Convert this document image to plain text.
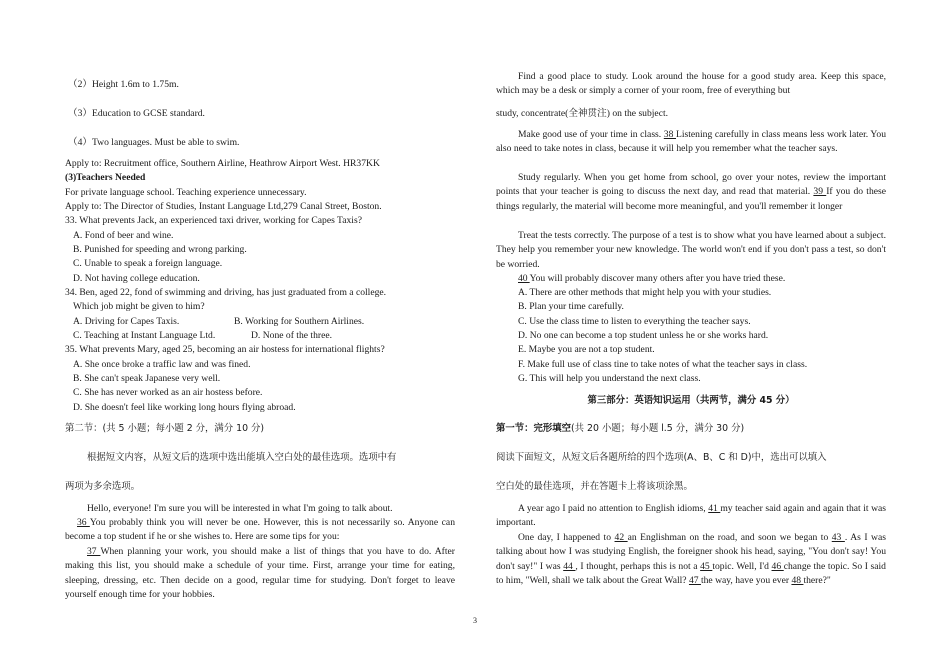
（2）Height 1.6m to 1.75m.
（3）Education to GCSE standard.
（4）Two languages. Must be able to swim.
Apply to: Recruitment office, Southern Airline, Heathrow Airport West. HR37KK
(3)Teachers Needed
For private language school. Teaching experience unnecessary.
Apply to: The Director of Studies, Instant Language Ltd,279 Canal Street, Boston.
33. What prevents Jack, an experienced taxi driver, working for Capes Taxis?
A. Fond of beer and wine.
B. Punished for speeding and wrong parking.
C. Unable to speak a foreign language.
D. Not having college education.
34. Ben, aged 22, fond of swimming and driving, has just graduated from a college.
Which job might be given to him?
A. Driving for Capes Taxis.	B. Working for Southern Airlines.
C. Teaching at Instant Language Ltd.	D. None of the three.
35. What prevents Mary, aged 25, becoming an air hostess for international flights?
A. She once broke a traffic law and was fined.
B. She can't speak Japanese very well.
C. She has never worked as an air hostess before.
D. She doesn't feel like working long hours flying abroad.
第二节：(共 5 小题；每小题 2 分，满分 10 分)
根据短文内容，从短文后的选项中选出能填入空白处的最佳选项。选项中有
两项为多余选项。
Hello, everyone! I'm sure you will be interested in what I'm going to talk about.
36 You probably think you will never be one. However, this is not necessarily so. Anyone can become a top student if he or she wishes to. Here are some tips for you:
37 When planning your work, you should make a list of things that you have to do. After making this list, you should make a schedule of your time. First, arrange your time for eating, sleeping, dressing, etc. Then decide on a good, regular time for studying. Don't forget to leave yourself enough time for your hobbies.
Find a good place to study. Look around the house for a good study area. Keep this space, which may be a desk or simply a corner of your room, free of everything but
study, concentrate(全神贯注) on the subject.
Make good use of your time in class. 38 Listening carefully in class means less work later. You also need to take notes in class, because it will help you remember what the teacher says.
Study regularly. When you get home from school, go over your notes, review the important points that your teacher is going to discuss the next day, and read that material. 39 If you do these things regularly, the material will become more meaningful, and you'll remember it longer
Treat the tests correctly. The purpose of a test is to show what you have learned about a subject. They help you remember your new knowledge. The world won't end if you don't pass a test, so don't be worried.
40 You will probably discover many others after you have tried these.
A. There are other methods that might help you with your studies.
B. Plan your time carefully.
C. Use the class time to listen to everything the teacher says.
D. No one can become a top student unless he or she works hard.
E. Maybe you are not a top student.
F. Make full use of class tine to take notes of what the teacher says in class.
G. This will help you understand the next class.
第三部分：英语知识运用（共两节，满分 45 分）
第一节：完形填空(共 20 小题；每小题 l.5 分，满分 30 分)
阅读下面短文，从短文后各题所给的四个选项(A、B、C 和 D)中，选出可以填入
空白处的最佳选项，并在答题卡上将该项涂黑。
A year ago I paid no attention to English idioms, 41 my teacher said again and again that it was important.
One day, I happened to 42 an Englishman on the road, and soon we began to 43 . As I was talking about how I was studying English, the foreigner shook his head, saying, "You don't say! You don't say!" I was 44 , I thought, perhaps this is not a 45 topic. Well, I'd 46 change the topic. So I said to him, "Well, shall we talk about the Great Wall? 47 the way, have you ever 48 there?"
3
